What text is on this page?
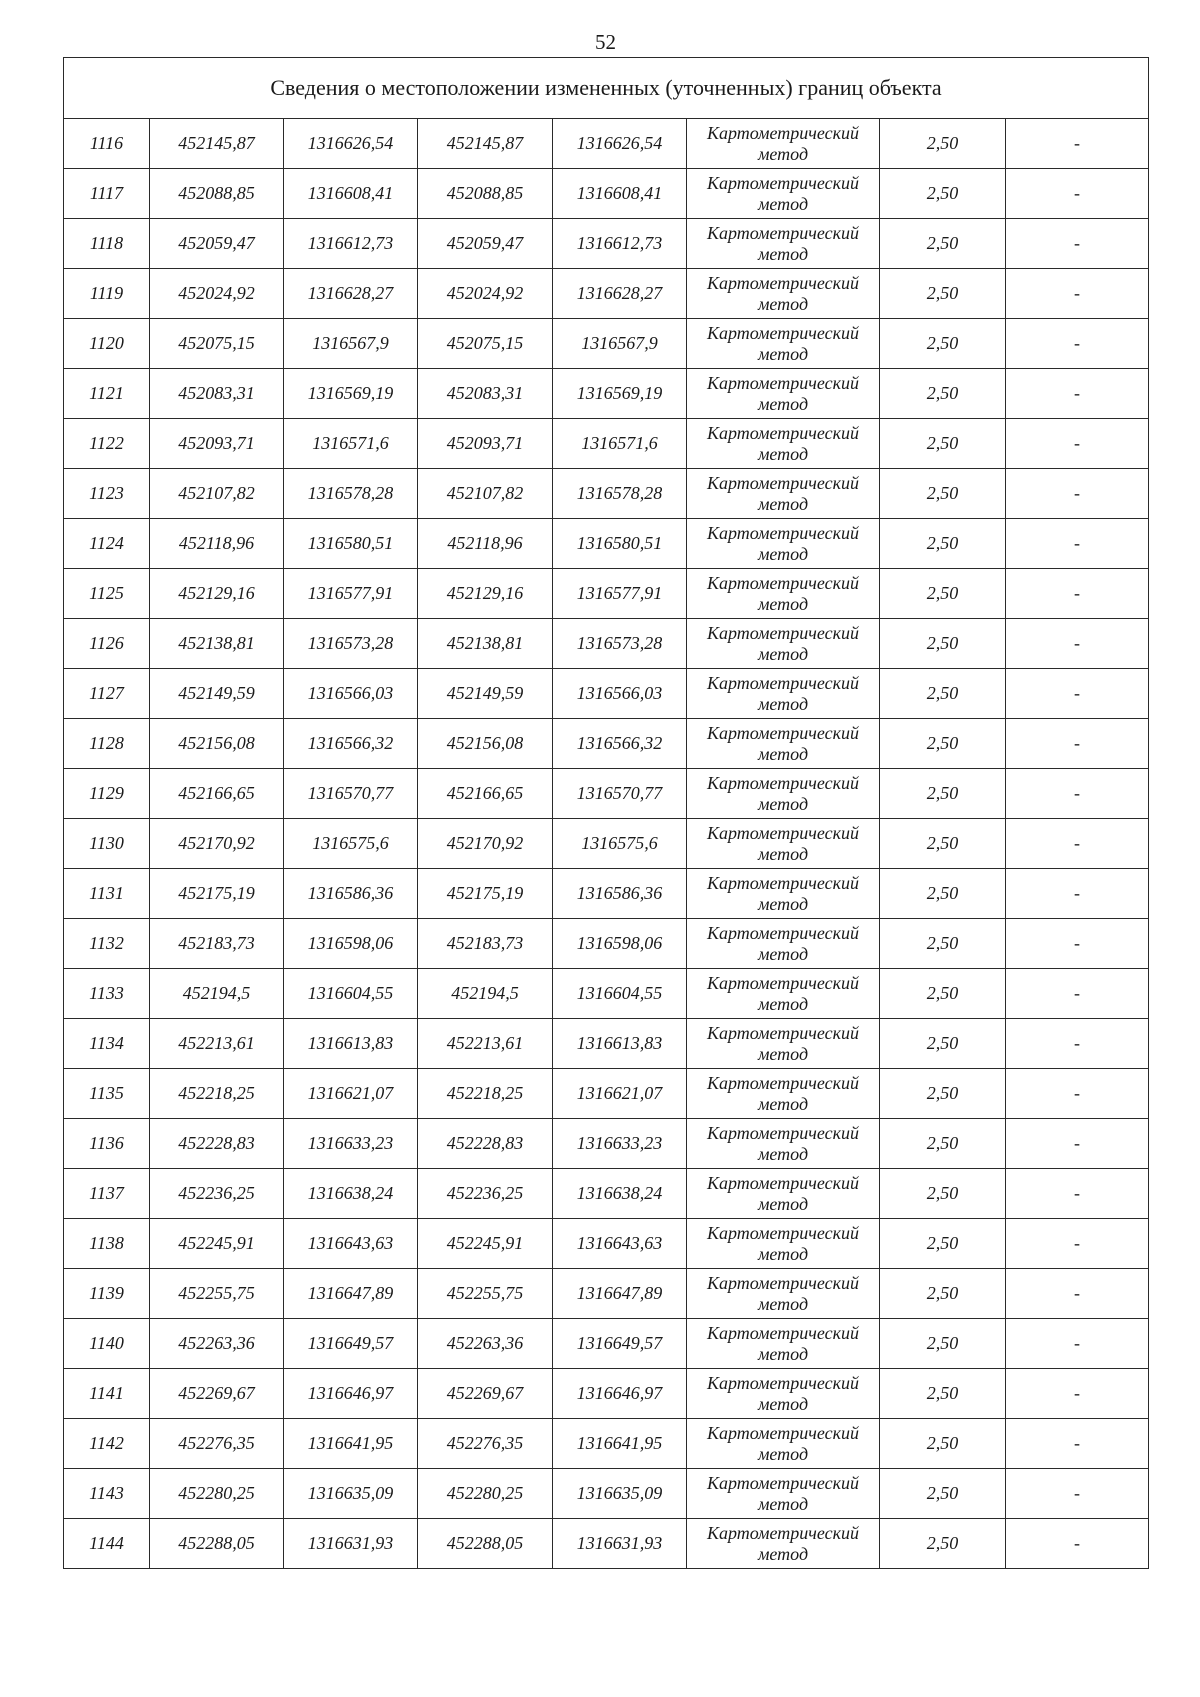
52
Сведения о местоположении измененных (уточненных) границ объекта							
1116	452145,87	1316626,54	452145,87	1316626,54	Картометрический метод	2,50	-
1117	452088,85	1316608,41	452088,85	1316608,41	Картометрический метод	2,50	-
1118	452059,47	1316612,73	452059,47	1316612,73	Картометрический метод	2,50	-
1119	452024,92	1316628,27	452024,92	1316628,27	Картометрический метод	2,50	-
1120	452075,15	1316567,9	452075,15	1316567,9	Картометрический метод	2,50	-
1121	452083,31	1316569,19	452083,31	1316569,19	Картометрический метод	2,50	-
1122	452093,71	1316571,6	452093,71	1316571,6	Картометрический метод	2,50	-
1123	452107,82	1316578,28	452107,82	1316578,28	Картометрический метод	2,50	-
1124	452118,96	1316580,51	452118,96	1316580,51	Картометрический метод	2,50	-
1125	452129,16	1316577,91	452129,16	1316577,91	Картометрический метод	2,50	-
1126	452138,81	1316573,28	452138,81	1316573,28	Картометрический метод	2,50	-
1127	452149,59	1316566,03	452149,59	1316566,03	Картометрический метод	2,50	-
1128	452156,08	1316566,32	452156,08	1316566,32	Картометрический метод	2,50	-
1129	452166,65	1316570,77	452166,65	1316570,77	Картометрический метод	2,50	-
1130	452170,92	1316575,6	452170,92	1316575,6	Картометрический метод	2,50	-
1131	452175,19	1316586,36	452175,19	1316586,36	Картометрический метод	2,50	-
1132	452183,73	1316598,06	452183,73	1316598,06	Картометрический метод	2,50	-
1133	452194,5	1316604,55	452194,5	1316604,55	Картометрический метод	2,50	-
1134	452213,61	1316613,83	452213,61	1316613,83	Картометрический метод	2,50	-
1135	452218,25	1316621,07	452218,25	1316621,07	Картометрический метод	2,50	-
1136	452228,83	1316633,23	452228,83	1316633,23	Картометрический метод	2,50	-
1137	452236,25	1316638,24	452236,25	1316638,24	Картометрический метод	2,50	-
1138	452245,91	1316643,63	452245,91	1316643,63	Картометрический метод	2,50	-
1139	452255,75	1316647,89	452255,75	1316647,89	Картометрический метод	2,50	-
1140	452263,36	1316649,57	452263,36	1316649,57	Картометрический метод	2,50	-
1141	452269,67	1316646,97	452269,67	1316646,97	Картометрический метод	2,50	-
1142	452276,35	1316641,95	452276,35	1316641,95	Картометрический метод	2,50	-
1143	452280,25	1316635,09	452280,25	1316635,09	Картометрический метод	2,50	-
1144	452288,05	1316631,93	452288,05	1316631,93	Картометрический метод	2,50	-
